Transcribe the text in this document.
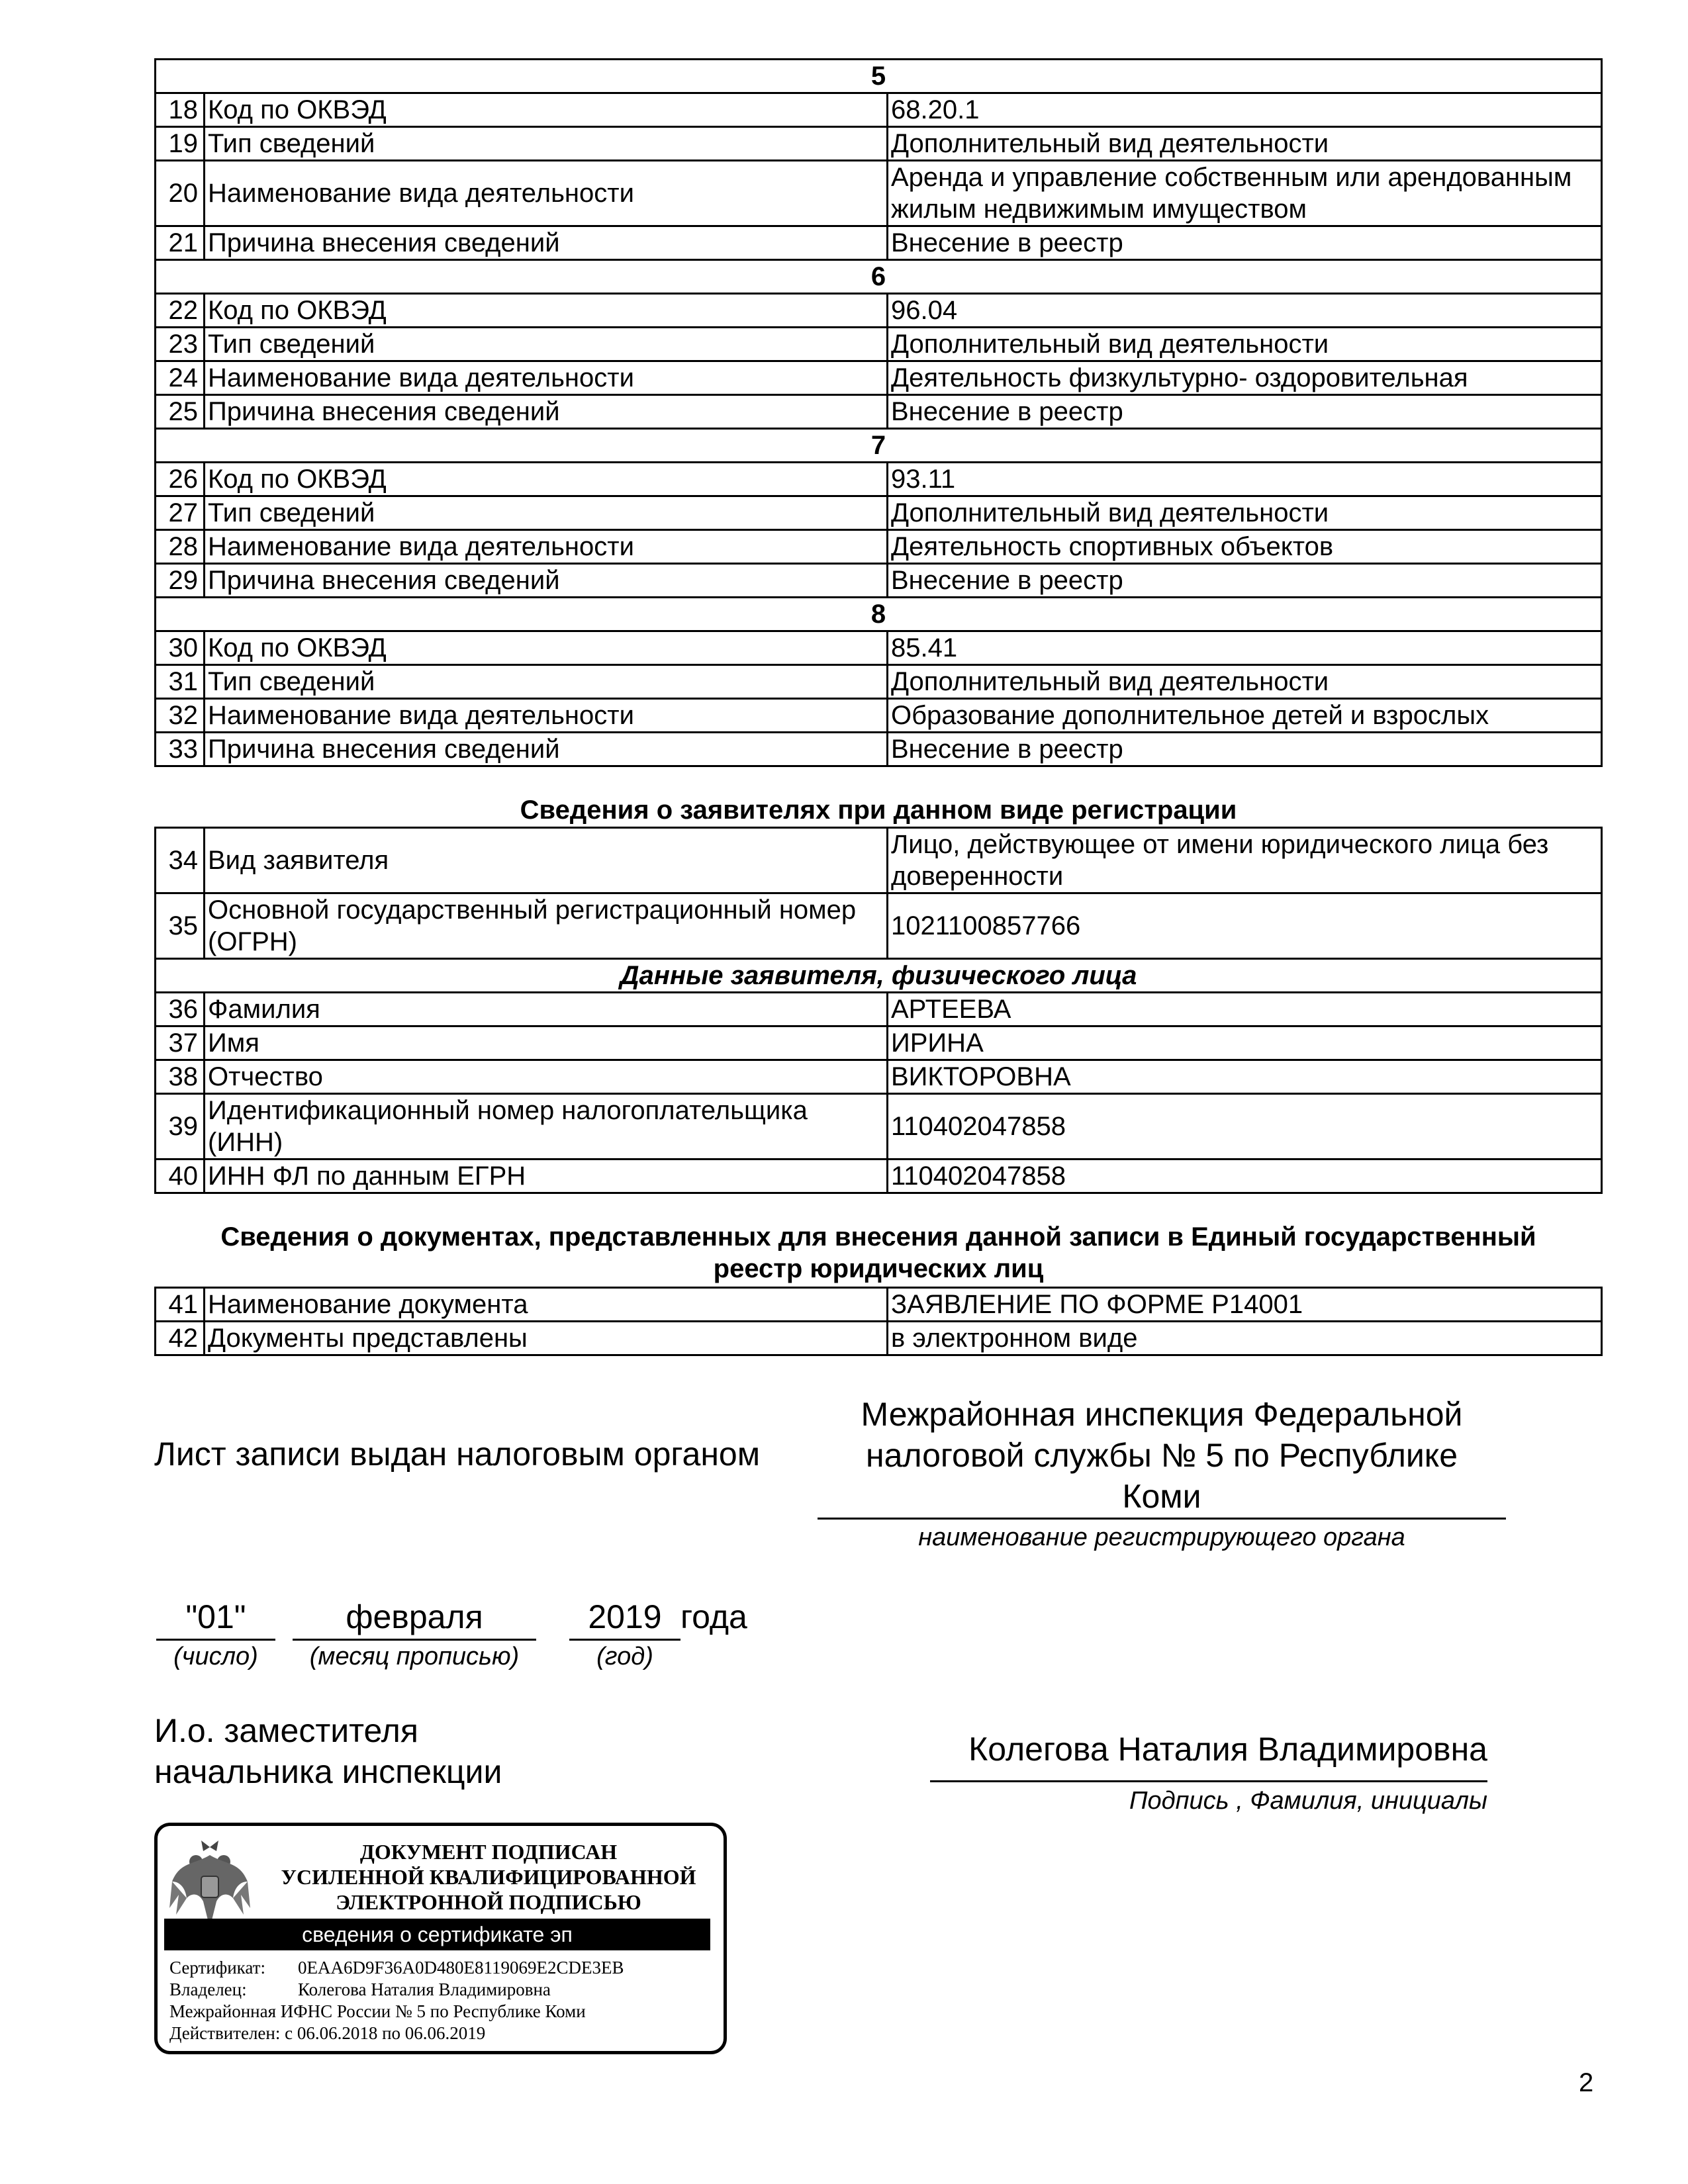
5		
18	Код по ОКВЭД	68.20.1
19	Тип сведений	Дополнительный вид деятельности
20	Наименование вида деятельности	Аренда и управление собственным или арендованным жилым недвижимым имуществом
21	Причина внесения сведений	Внесение в реестр
6		
22	Код по ОКВЭД	96.04
23	Тип сведений	Дополнительный вид деятельности
24	Наименование вида деятельности	Деятельность физкультурно- оздоровительная
25	Причина внесения сведений	Внесение в реестр
7		
26	Код по ОКВЭД	93.11
27	Тип сведений	Дополнительный вид деятельности
28	Наименование вида деятельности	Деятельность спортивных объектов
29	Причина внесения сведений	Внесение в реестр
8		
30	Код по ОКВЭД	85.41
31	Тип сведений	Дополнительный вид деятельности
32	Наименование вида деятельности	Образование дополнительное детей и взрослых
33	Причина внесения сведений	Внесение в реестр
Сведения о заявителях при данном виде регистрации
34	Вид заявителя	Лицо, действующее от имени юридического лица без доверенности
35	Основной государственный регистрационный номер (ОГРН)	1021100857766
Данные заявителя, физического лица		
36	Фамилия	АРТЕЕВА
37	Имя	ИРИНА
38	Отчество	ВИКТОРОВНА
39	Идентификационный номер налогоплательщика (ИНН)	110402047858
40	ИНН ФЛ по данным ЕГРН	110402047858
Сведения о документах, представленных для внесения данной записи в Единый государственный
реестр юридических лиц
41	Наименование документа	ЗАЯВЛЕНИЕ ПО ФОРМЕ Р14001
42	Документы представлены	в электронном виде
Лист записи выдан налоговым органом
Межрайонная инспекция Федеральной
налоговой службы № 5 по Республике
Коми
наименование регистрирующего органа
"01"
(число)
февраля
(месяц прописью)
2019
(год)
года
И.о. заместителя
начальника инспекции
Колегова Наталия Владимировна
Подпись , Фамилия, инициалы
ДОКУМЕНТ ПОДПИСАН
УСИЛЕННОЙ КВАЛИФИЦИРОВАННОЙ
ЭЛЕКТРОННОЙ ПОДПИСЬЮ
сведения о сертификате эп
Сертификат: 0EAA6D9F36A0D480E8119069E2CDE3EB
Владелец:	Колегова Наталия Владимировна
Межрайонная ИФНС России № 5 по Республике Коми
Действителен: с 06.06.2018 по 06.06.2019
2
